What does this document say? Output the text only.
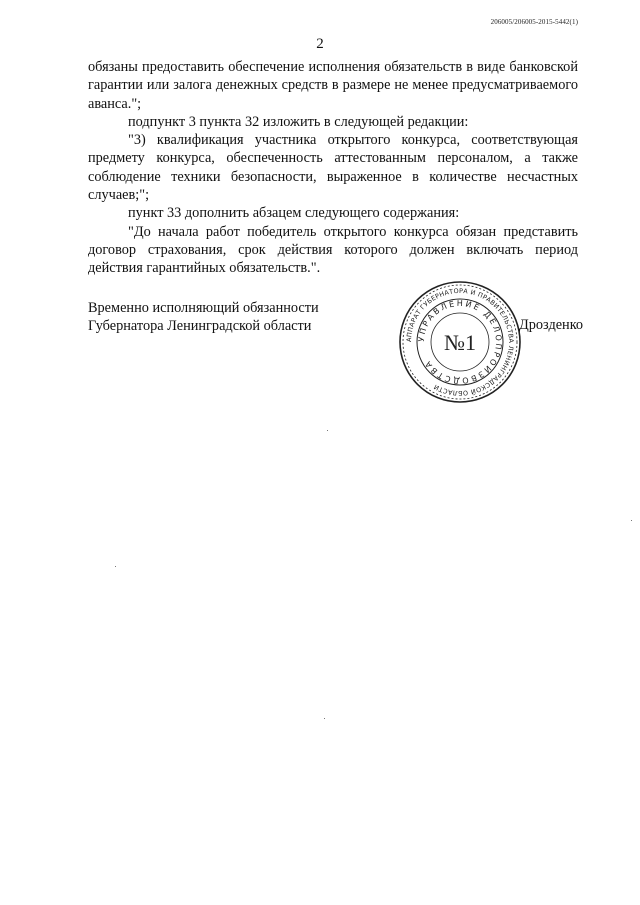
206005/206005-2015-5442(1)
2

обязаны предоставить обеспечение исполнения обязательств в виде банковской гарантии или залога денежных средств в размере не менее предусматриваемого аванса.";

подпункт 3 пункта 32 изложить в следующей редакции:

"3) квалификация участника открытого конкурса, соответствующая предмету конкурса, обеспеченность аттестованным персоналом, а также соблюдение техники безопасности, выраженное в количестве несчастных случаев;";

пункт 33 дополнить абзацем следующего содержания:

"До начала работ победитель открытого конкурса обязан представить договор страхования, срок действия которого должен включать период действия гарантийных обязательств.".

Временно исполняющий обязанности
Губернатора Ленинградской области
АППАРАТ ГУБЕРНАТОРА И ПРАВИТЕЛЬСТВА ЛЕНИНГРАДСКОЙ ОБЛАСТИ
УПРАВЛЕНИЕ ДЕЛОПРОИЗВОДСТВА
№1
Дрозденко
